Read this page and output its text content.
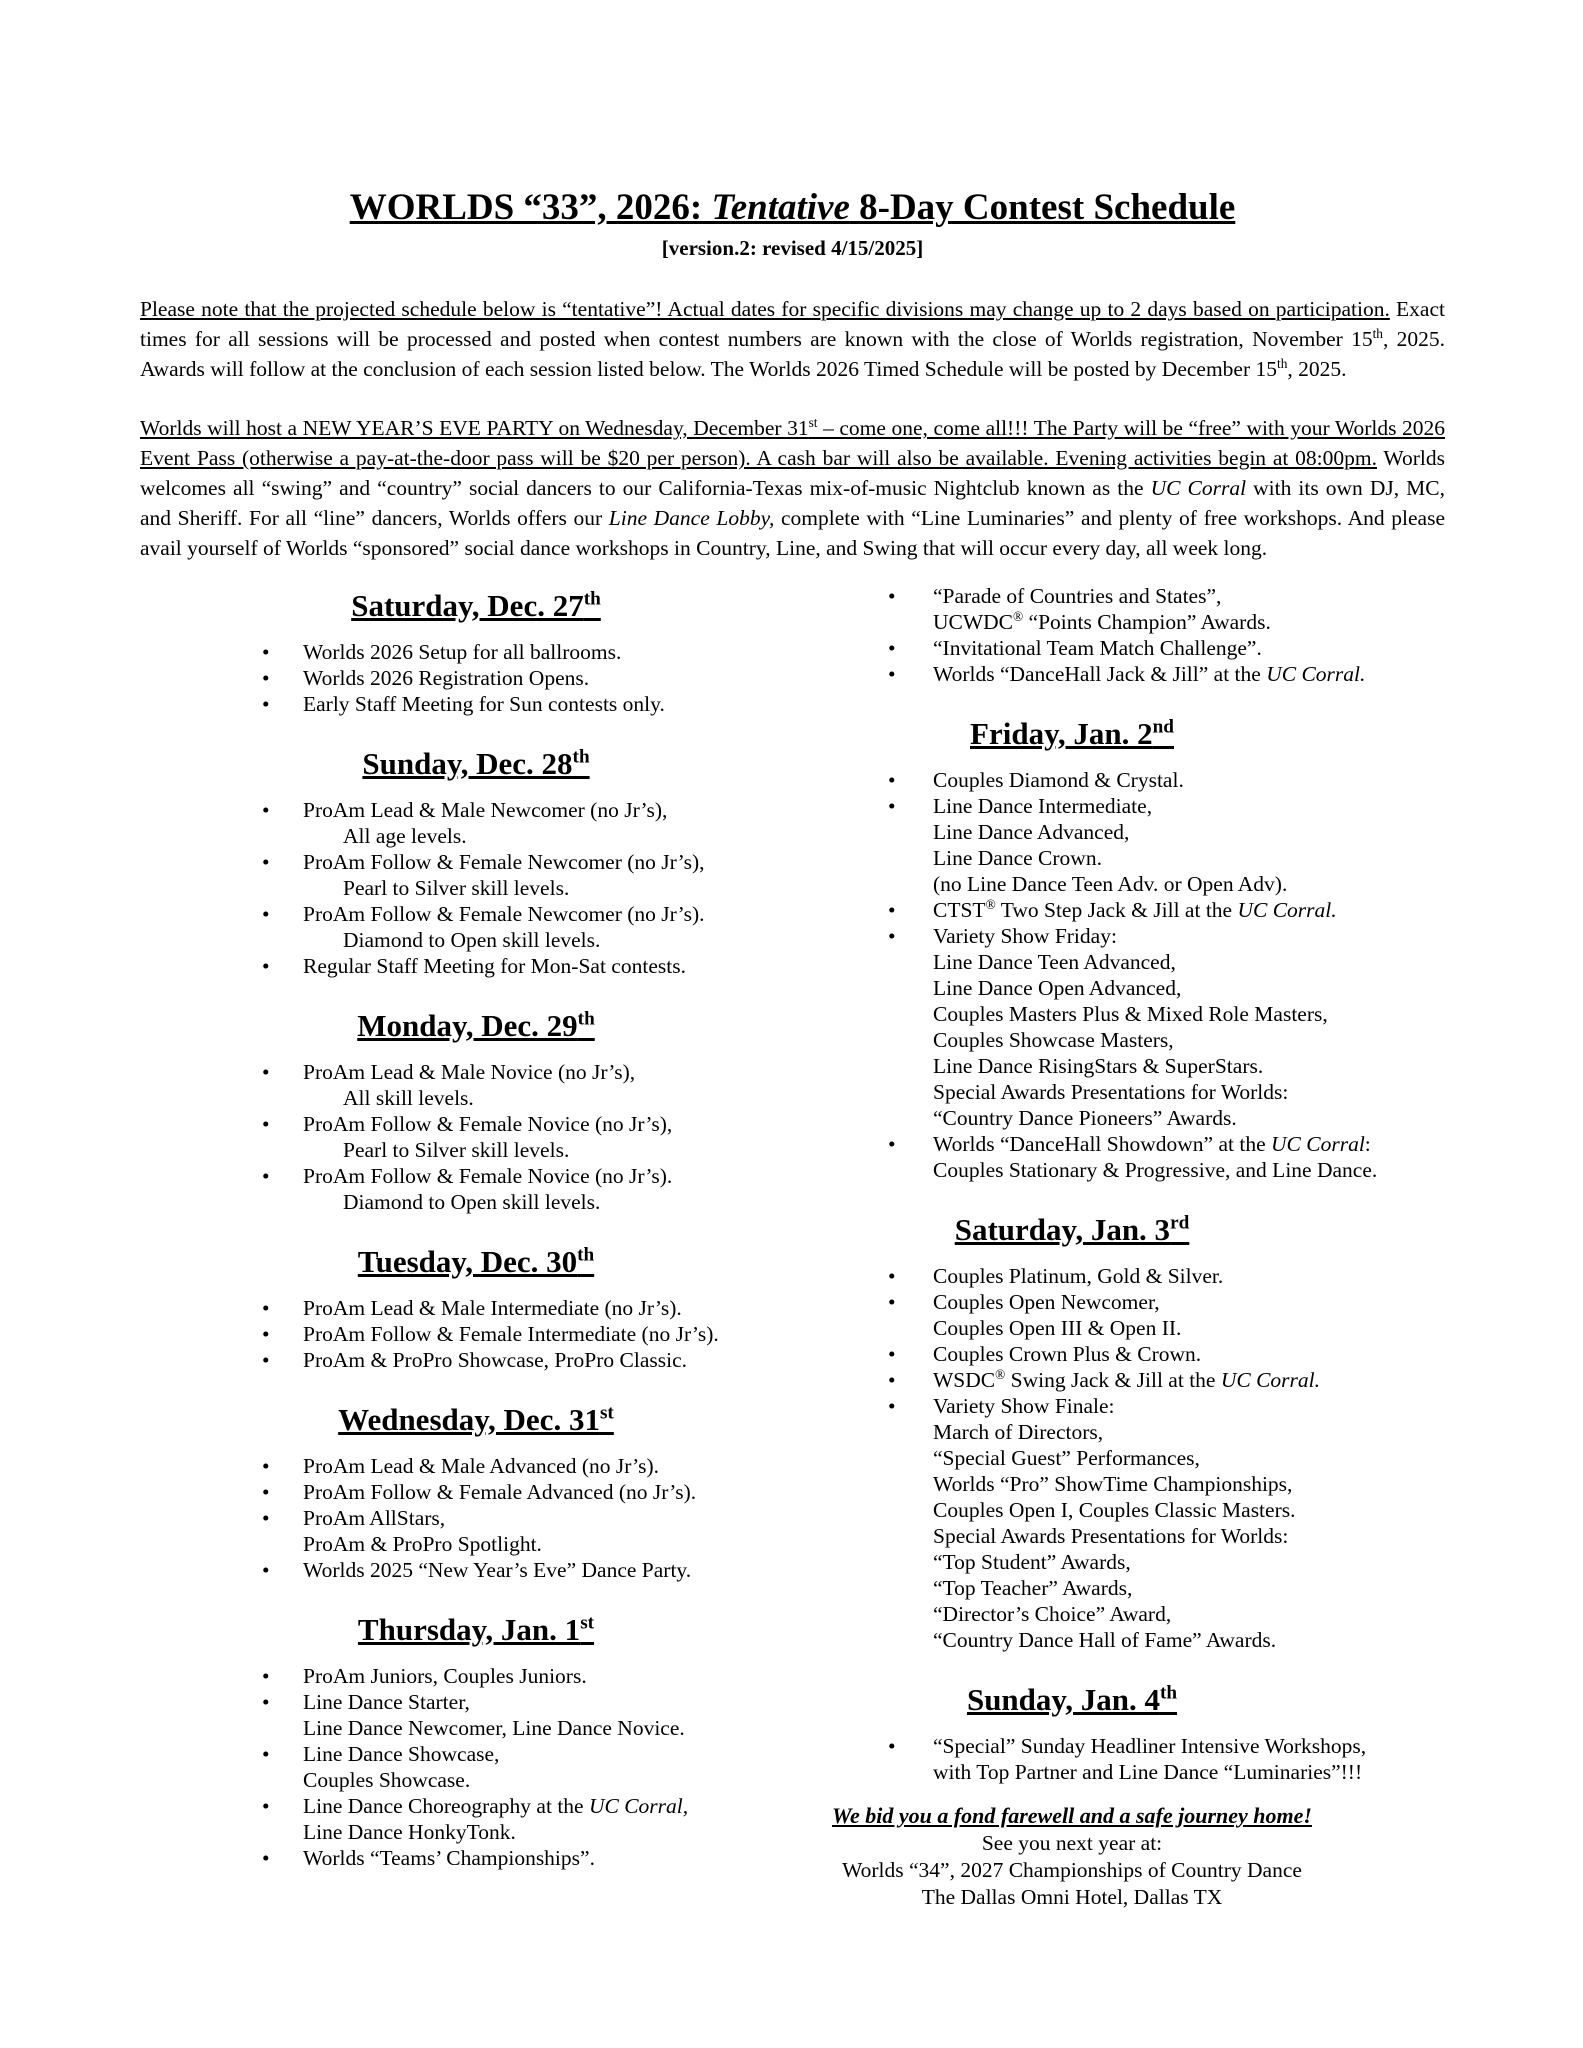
WORLDS “33”, 2026: Tentative 8-Day Contest Schedule
[version.2: revised 4/15/2025]

Please note that the projected schedule below is “tentative”! Actual dates for specific divisions may change up to 2 days based on participation. Exact times for all sessions will be processed and posted when contest numbers are known with the close of Worlds registration, November 15th, 2025. Awards will follow at the conclusion of each session listed below. The Worlds 2026 Timed Schedule will be posted by December 15th, 2025.

Worlds will host a NEW YEAR’S EVE PARTY on Wednesday, December 31st – come one, come all!!! The Party will be “free” with your Worlds 2026 Event Pass (otherwise a pay-at-the-door pass will be $20 per person). A cash bar will also be available. Evening activities begin at 08:00pm. Worlds welcomes all “swing” and “country” social dancers to our California-Texas mix-of-music Nightclub known as the UC Corral with its own DJ, MC, and Sheriff. For all “line” dancers, Worlds offers our Line Dance Lobby, complete with “Line Luminaries” and plenty of free workshops. And please avail yourself of Worlds “sponsored” social dance workshops in Country, Line, and Swing that will occur every day, all week long.

Saturday, Dec. 27th
• Worlds 2026 Setup for all ballrooms.
• Worlds 2026 Registration Opens.
• Early Staff Meeting for Sun contests only.
Sunday, Dec. 28th
• ProAm Lead & Male Newcomer (no Jr’s),
All age levels.
• ProAm Follow & Female Newcomer (no Jr’s),
Pearl to Silver skill levels.
• ProAm Follow & Female Newcomer (no Jr’s).
Diamond to Open skill levels.
• Regular Staff Meeting for Mon-Sat contests.
Monday, Dec. 29th
• ProAm Lead & Male Novice (no Jr’s),
All skill levels.
• ProAm Follow & Female Novice (no Jr’s),
Pearl to Silver skill levels.
• ProAm Follow & Female Novice (no Jr’s).
Diamond to Open skill levels.
Tuesday, Dec. 30th
• ProAm Lead & Male Intermediate (no Jr’s).
• ProAm Follow & Female Intermediate (no Jr’s).
• ProAm & ProPro Showcase, ProPro Classic.
Wednesday, Dec. 31st
• ProAm Lead & Male Advanced (no Jr’s).
• ProAm Follow & Female Advanced (no Jr’s).
• ProAm AllStars,
ProAm & ProPro Spotlight.
• Worlds 2025 “New Year’s Eve” Dance Party.
Thursday, Jan. 1st
• ProAm Juniors, Couples Juniors.
• Line Dance Starter,
Line Dance Newcomer, Line Dance Novice.
• Line Dance Showcase,
Couples Showcase.
• Line Dance Choreography at the UC Corral,
Line Dance HonkyTonk.
• Worlds “Teams’ Championships”.
• “Parade of Countries and States”,
UCWDC® “Points Champion” Awards.
• “Invitational Team Match Challenge”.
• Worlds “DanceHall Jack & Jill” at the UC Corral.
Friday, Jan. 2nd
• Couples Diamond & Crystal.
• Line Dance Intermediate,
Line Dance Advanced,
Line Dance Crown.
(no Line Dance Teen Adv. or Open Adv).
• CTST® Two Step Jack & Jill at the UC Corral.
• Variety Show Friday:
Line Dance Teen Advanced,
Line Dance Open Advanced,
Couples Masters Plus & Mixed Role Masters,
Couples Showcase Masters,
Line Dance RisingStars & SuperStars.
Special Awards Presentations for Worlds:
“Country Dance Pioneers” Awards.
• Worlds “DanceHall Showdown” at the UC Corral:
Couples Stationary & Progressive, and Line Dance.
Saturday, Jan. 3rd
• Couples Platinum, Gold & Silver.
• Couples Open Newcomer,
Couples Open III & Open II.
• Couples Crown Plus & Crown.
• WSDC® Swing Jack & Jill at the UC Corral.
• Variety Show Finale:
March of Directors,
“Special Guest” Performances,
Worlds “Pro” ShowTime Championships,
Couples Open I, Couples Classic Masters.
Special Awards Presentations for Worlds:
“Top Student” Awards,
“Top Teacher” Awards,
“Director’s Choice” Award,
“Country Dance Hall of Fame” Awards.
Sunday, Jan. 4th
• “Special” Sunday Headliner Intensive Workshops,
with Top Partner and Line Dance “Luminaries”!!!
We bid you a fond farewell and a safe journey home!
See you next year at:
Worlds “34”, 2027 Championships of Country Dance
The Dallas Omni Hotel, Dallas TX
